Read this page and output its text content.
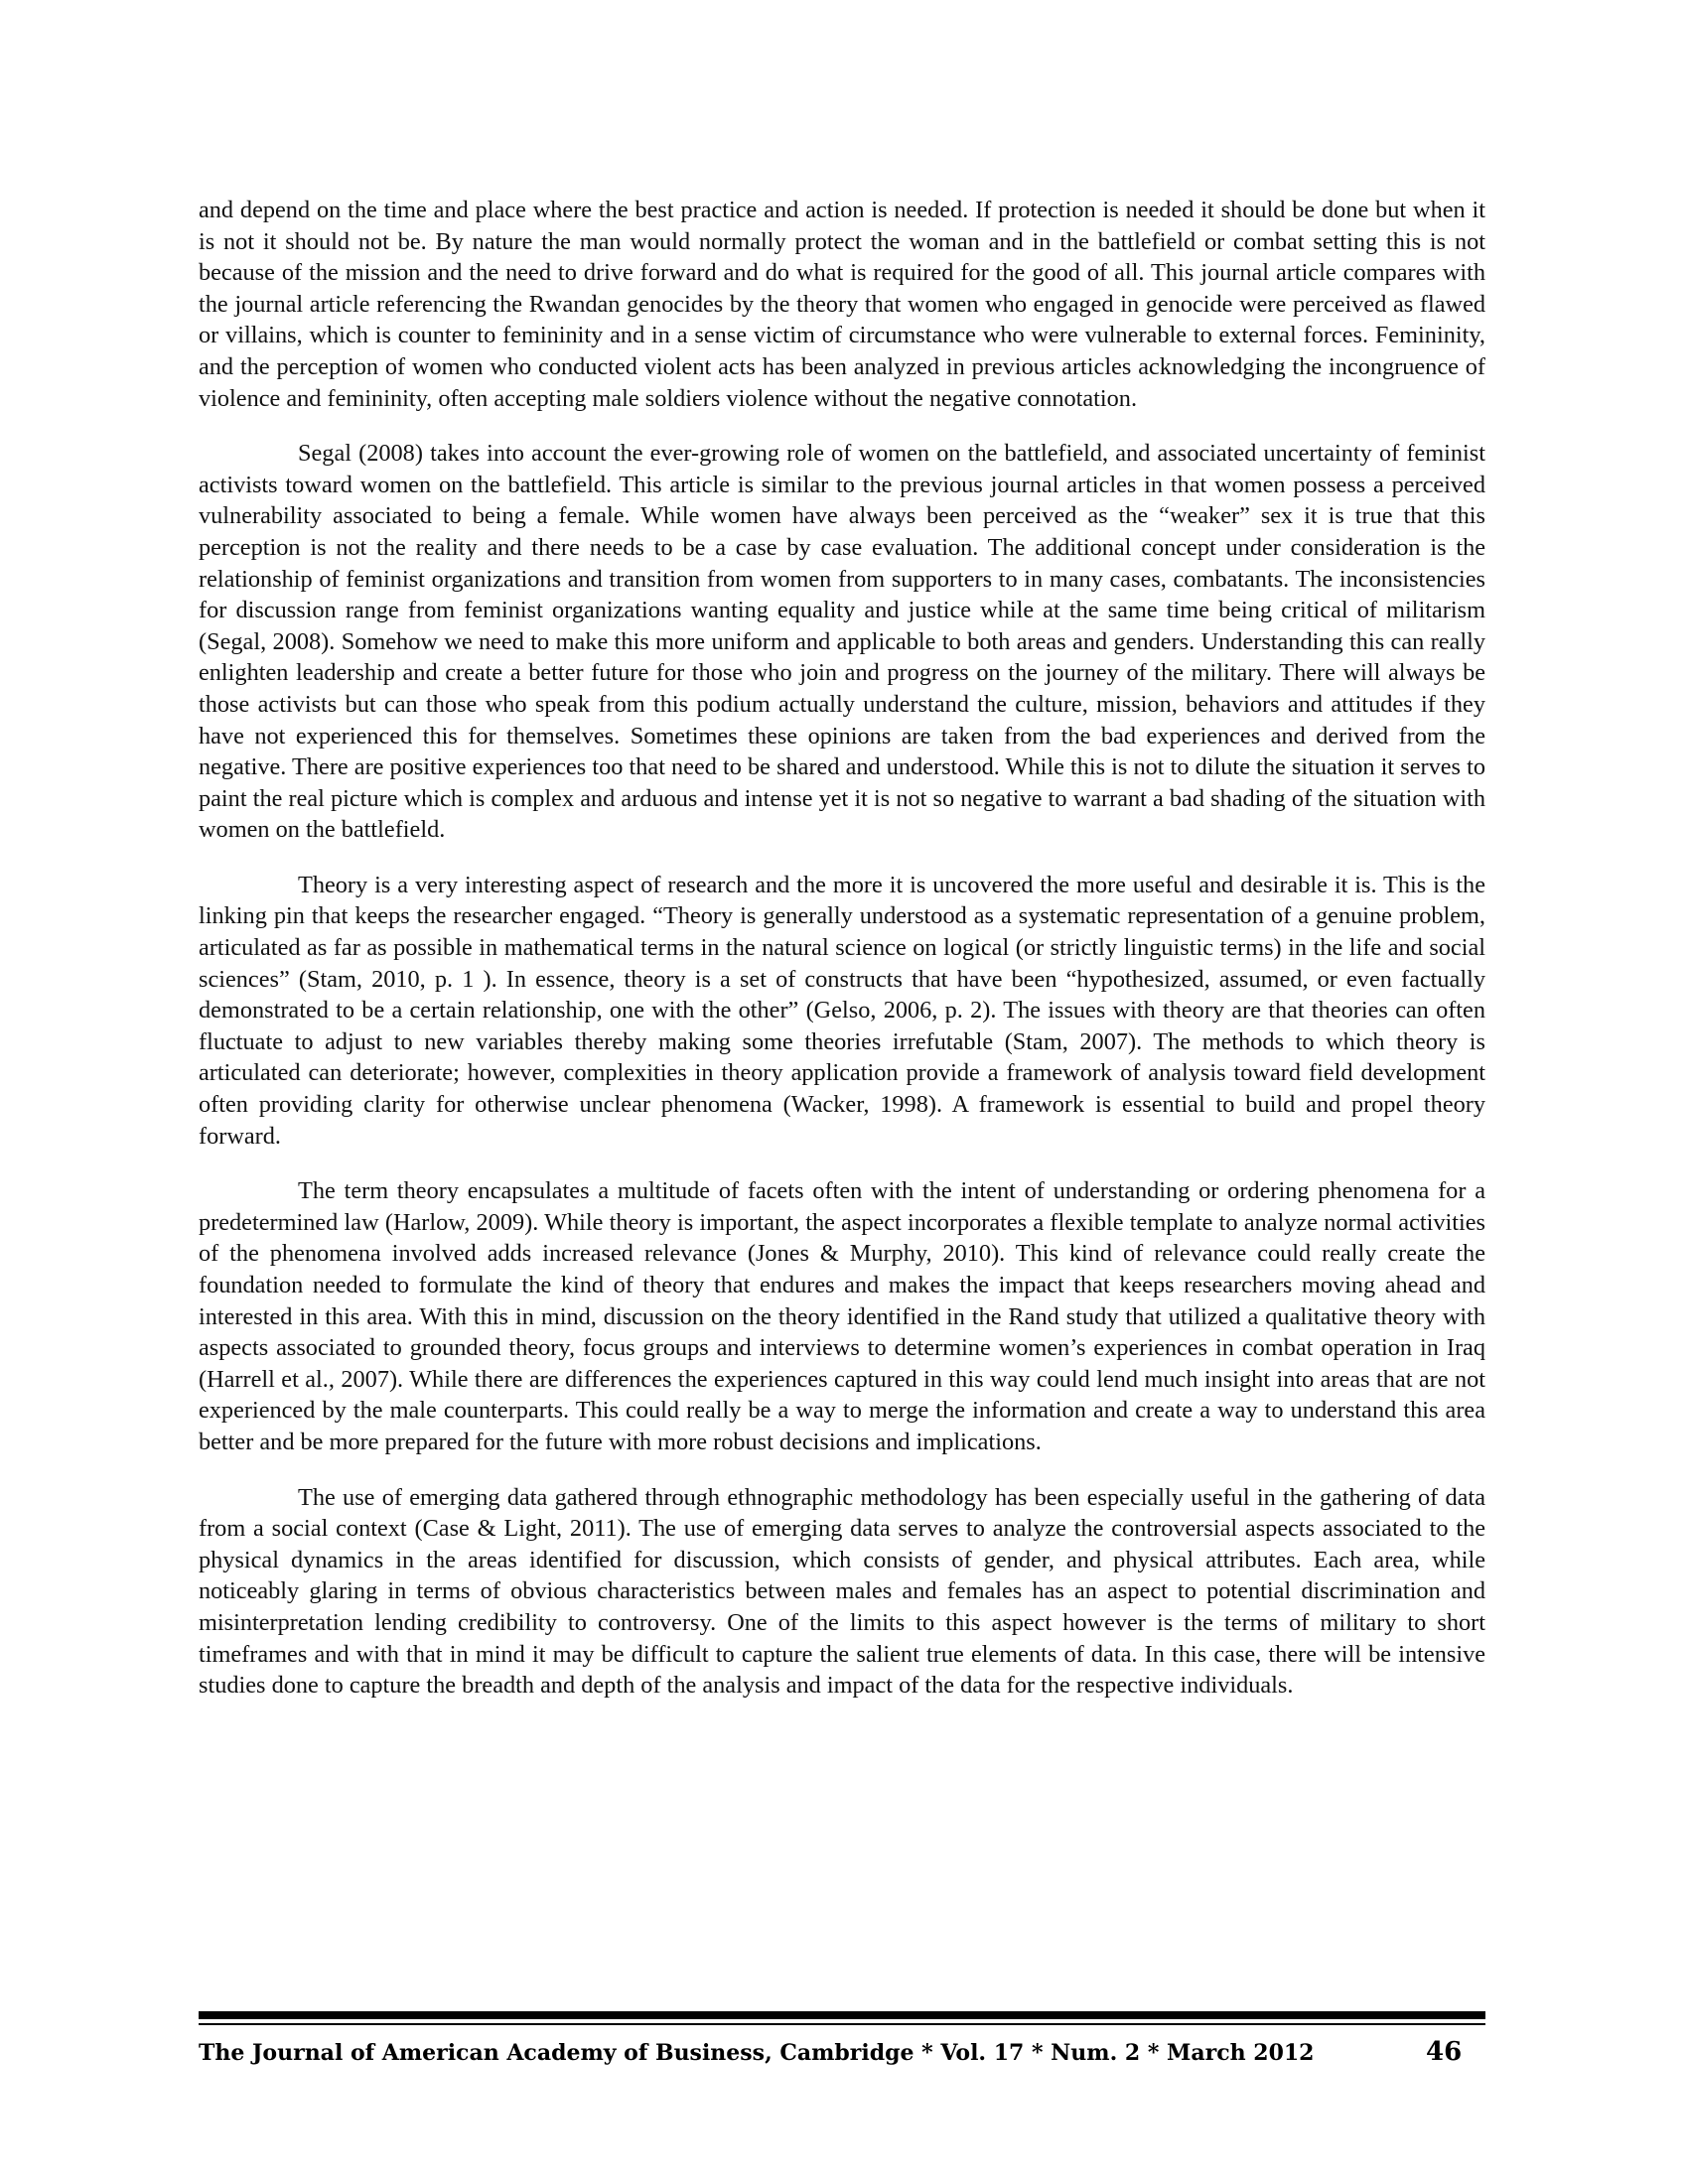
and depend on the time and place where the best practice and action is needed. If protection is needed it should be done but when it is not it should not be. By nature the man would normally protect the woman and in the battlefield or combat setting this is not because of the mission and the need to drive forward and do what is required for the good of all. This journal article compares with the journal article referencing the Rwandan genocides by the theory that women who engaged in genocide were perceived as flawed or villains, which is counter to femininity and in a sense victim of circumstance who were vulnerable to external forces. Femininity, and the perception of women who conducted violent acts has been analyzed in previous articles acknowledging the incongruence of violence and femininity, often accepting male soldiers violence without the negative connotation.

Segal (2008) takes into account the ever-growing role of women on the battlefield, and associated uncertainty of feminist activists toward women on the battlefield. This article is similar to the previous journal articles in that women possess a perceived vulnerability associated to being a female. While women have always been perceived as the “weaker” sex it is true that this perception is not the reality and there needs to be a case by case evaluation. The additional concept under consideration is the relationship of feminist organizations and transition from women from supporters to in many cases, combatants. The inconsistencies for discussion range from feminist organizations wanting equality and justice while at the same time being critical of militarism (Segal, 2008). Somehow we need to make this more uniform and applicable to both areas and genders. Understanding this can really enlighten leadership and create a better future for those who join and progress on the journey of the military. There will always be those activists but can those who speak from this podium actually understand the culture, mission, behaviors and attitudes if they have not experienced this for themselves. Sometimes these opinions are taken from the bad experiences and derived from the negative. There are positive experiences too that need to be shared and understood. While this is not to dilute the situation it serves to paint the real picture which is complex and arduous and intense yet it is not so negative to warrant a bad shading of the situation with women on the battlefield.

Theory is a very interesting aspect of research and the more it is uncovered the more useful and desirable it is. This is the linking pin that keeps the researcher engaged. “Theory is generally understood as a systematic representation of a genuine problem, articulated as far as possible in mathematical terms in the natural science on logical (or strictly linguistic terms) in the life and social sciences” (Stam, 2010, p. 1 ). In essence, theory is a set of constructs that have been “hypothesized, assumed, or even factually demonstrated to be a certain relationship, one with the other” (Gelso, 2006, p. 2). The issues with theory are that theories can often fluctuate to adjust to new variables thereby making some theories irrefutable (Stam, 2007). The methods to which theory is articulated can deteriorate; however, complexities in theory application provide a framework of analysis toward field development often providing clarity for otherwise unclear phenomena (Wacker, 1998). A framework is essential to build and propel theory forward.

The term theory encapsulates a multitude of facets often with the intent of understanding or ordering phenomena for a predetermined law (Harlow, 2009). While theory is important, the aspect incorporates a flexible template to analyze normal activities of the phenomena involved adds increased relevance (Jones & Murphy, 2010). This kind of relevance could really create the foundation needed to formulate the kind of theory that endures and makes the impact that keeps researchers moving ahead and interested in this area. With this in mind, discussion on the theory identified in the Rand study that utilized a qualitative theory with aspects associated to grounded theory, focus groups and interviews to determine women’s experiences in combat operation in Iraq (Harrell et al., 2007). While there are differences the experiences captured in this way could lend much insight into areas that are not experienced by the male counterparts. This could really be a way to merge the information and create a way to understand this area better and be more prepared for the future with more robust decisions and implications.

The use of emerging data gathered through ethnographic methodology has been especially useful in the gathering of data from a social context (Case & Light, 2011). The use of emerging data serves to analyze the controversial aspects associated to the physical dynamics in the areas identified for discussion, which consists of gender, and physical attributes. Each area, while noticeably glaring in terms of obvious characteristics between males and females has an aspect to potential discrimination and misinterpretation lending credibility to controversy. One of the limits to this aspect however is the terms of military to short timeframes and with that in mind it may be difficult to capture the salient true elements of data. In this case, there will be intensive studies done to capture the breadth and depth of the analysis and impact of the data for the respective individuals.

The Journal of American Academy of Business, Cambridge * Vol. 17 * Num. 2 * March 2012	46
